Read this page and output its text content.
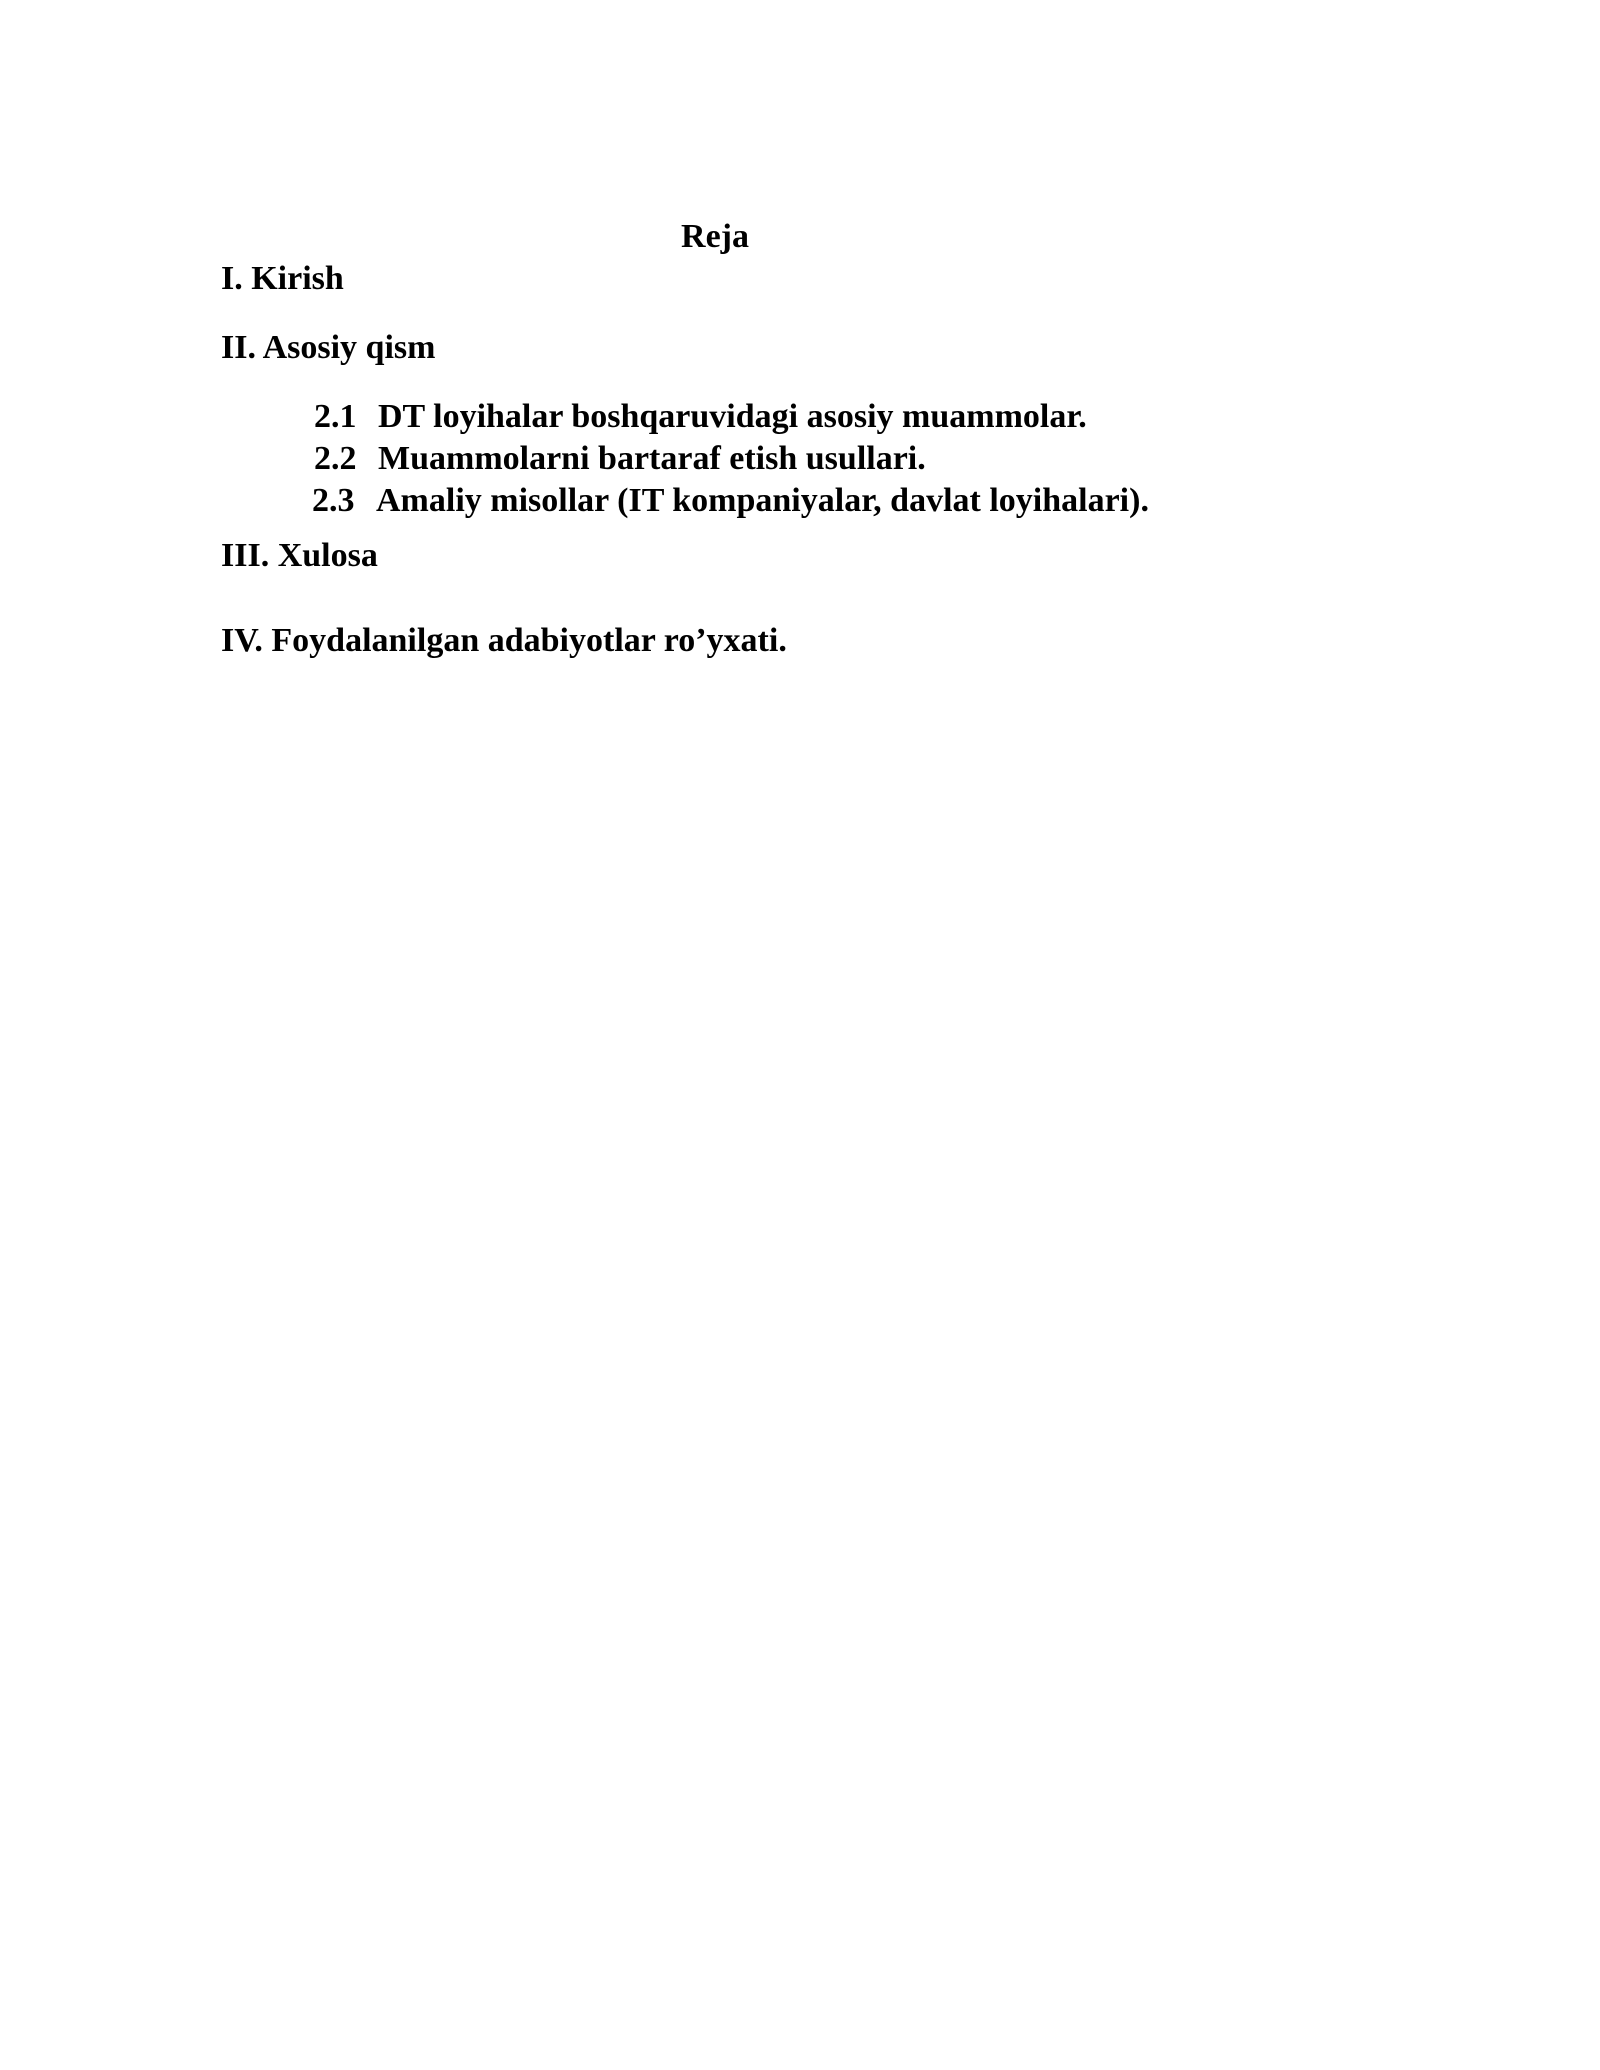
Reja
I. Kirish
II. Asosiy qism
2.1 DT loyihalar boshqaruvidagi asosiy muammolar.
2.2 Muammolarni bartaraf etish usullari.
2.3 Amaliy misollar (IT kompaniyalar, davlat loyihalari).
III. Xulosa
IV. Foydalanilgan adabiyotlar ro’yxati.
